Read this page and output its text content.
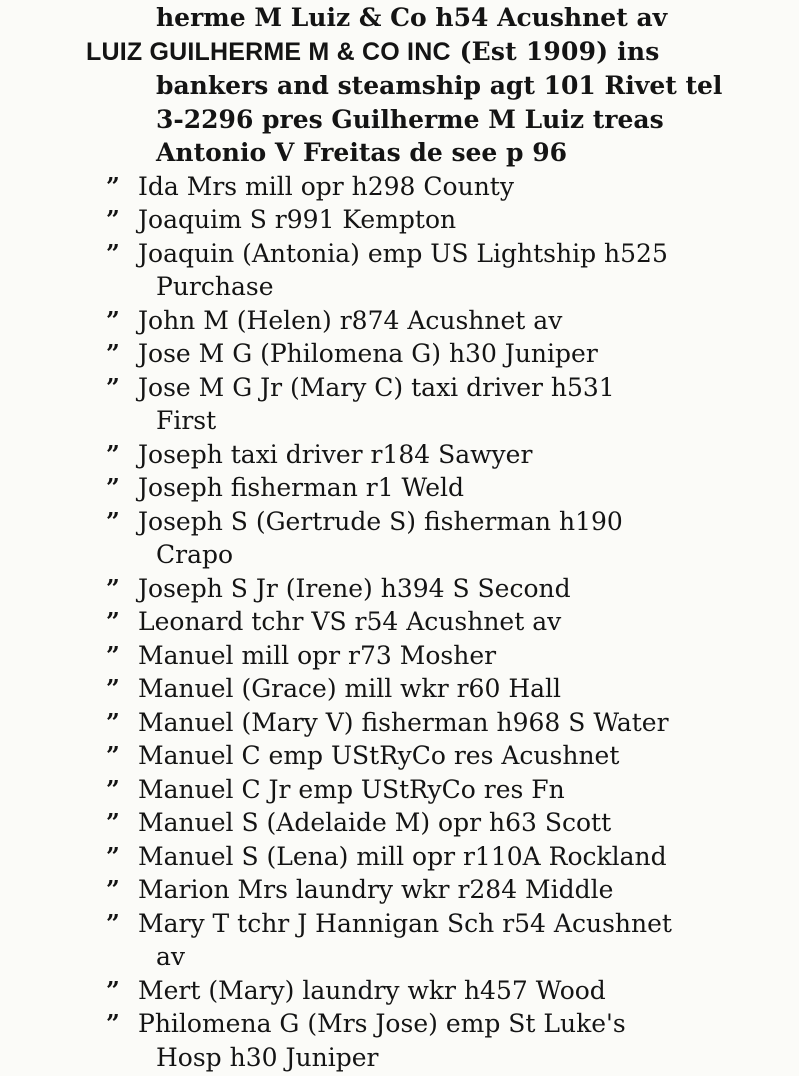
herme M Luiz & Co h54 Acushnet av

LUIZ GUILHERME M & CO INC (Est 1909) ins

bankers and steamship agt 101 Rivet tel

3-2296 pres Guilherme M Luiz treas

Antonio V Freitas de see p 96

” Ida Mrs mill opr h298 County

” Joaquim S r991 Kempton

” Joaquin (Antonia) emp US Lightship h525

Purchase

” John M (Helen) r874 Acushnet av

” Jose M G (Philomena G) h30 Juniper

” Jose M G Jr (Mary C) taxi driver h531

First

” Joseph taxi driver r184 Sawyer

” Joseph fisherman r1 Weld

” Joseph S (Gertrude S) fisherman h190

Crapo

” Joseph S Jr (Irene) h394 S Second

” Leonard tchr VS r54 Acushnet av

” Manuel mill opr r73 Mosher

” Manuel (Grace) mill wkr r60 Hall

” Manuel (Mary V) fisherman h968 S Water

” Manuel C emp UStRyCo res Acushnet

” Manuel C Jr emp UStRyCo res Fn

” Manuel S (Adelaide M) opr h63 Scott

” Manuel S (Lena) mill opr r110A Rockland

” Marion Mrs laundry wkr r284 Middle

” Mary T tchr J Hannigan Sch r54 Acushnet

av

” Mert (Mary) laundry wkr h457 Wood

” Philomena G (Mrs Jose) emp St Luke's

Hosp h30 Juniper
